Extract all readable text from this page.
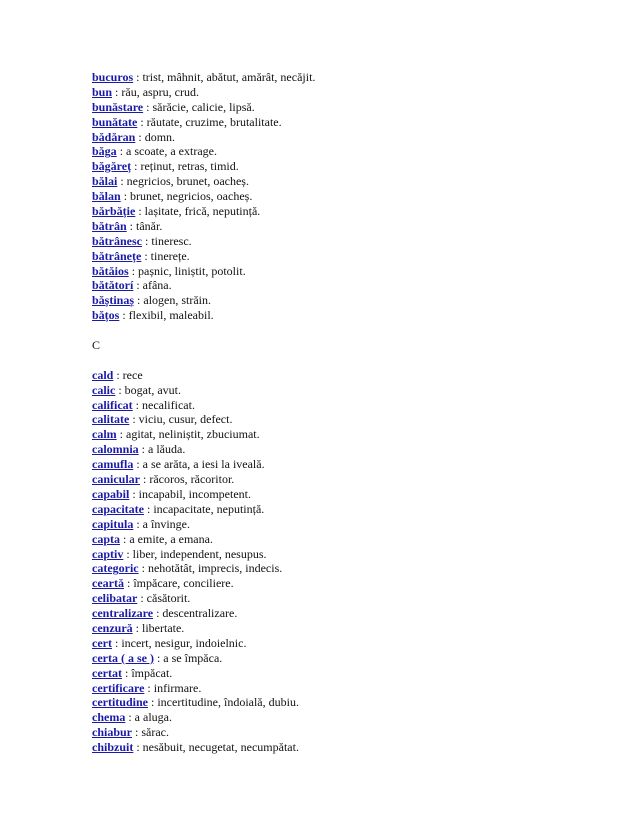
bucuros : trist, mâhnit, abătut, amărât, necăjit.
bun : rău, aspru, crud.
bunăstare : sărăcie, calicie, lipsă.
bunătate : răutate, cruzime, brutalitate.
bădăran : domn.
băga : a scoate, a extrage.
băgăreț : reținut, retras, timid.
bălai : negricios, brunet, oacheș.
bălan : brunet, negricios, oacheș.
bărbăție : lașitate, frică, neputință.
bătrân : tânăr.
bătrânesc : tineresc.
bătrânețe : tinerețe.
bătăios : pașnic, liniștit, potolit.
bătătorí : afâna.
băștinaș : alogen, străin.
bățos : flexibil, maleabil.
C
cald : rece
calic : bogat, avut.
calificat : necalificat.
calitate : viciu, cusur, defect.
calm : agitat, neliniștit, zbuciumat.
calomnia : a lăuda.
camufla : a se arăta, a iesi la iveală.
canicular : răcoros, răcoritor.
capabil : incapabil, incompetent.
capacitate : incapacitate, neputință.
capitula : a învinge.
capta : a emite, a emana.
captiv : liber, independent, nesupus.
categoric : nehotătât, imprecis, indecis.
ceartă : împăcare, conciliere.
celibatar : căsătorit.
centralizare : descentralizare.
cenzură : libertate.
cert : incert, nesigur, indoielnic.
certa ( a se ) : a se împăca.
certat : împăcat.
certificare : infirmare.
certitudine : incertitudine, îndoială, dubiu.
chema : a aluga.
chiabur : sărac.
chibzuit : nesăbuit, necugetat, necumpătat.
